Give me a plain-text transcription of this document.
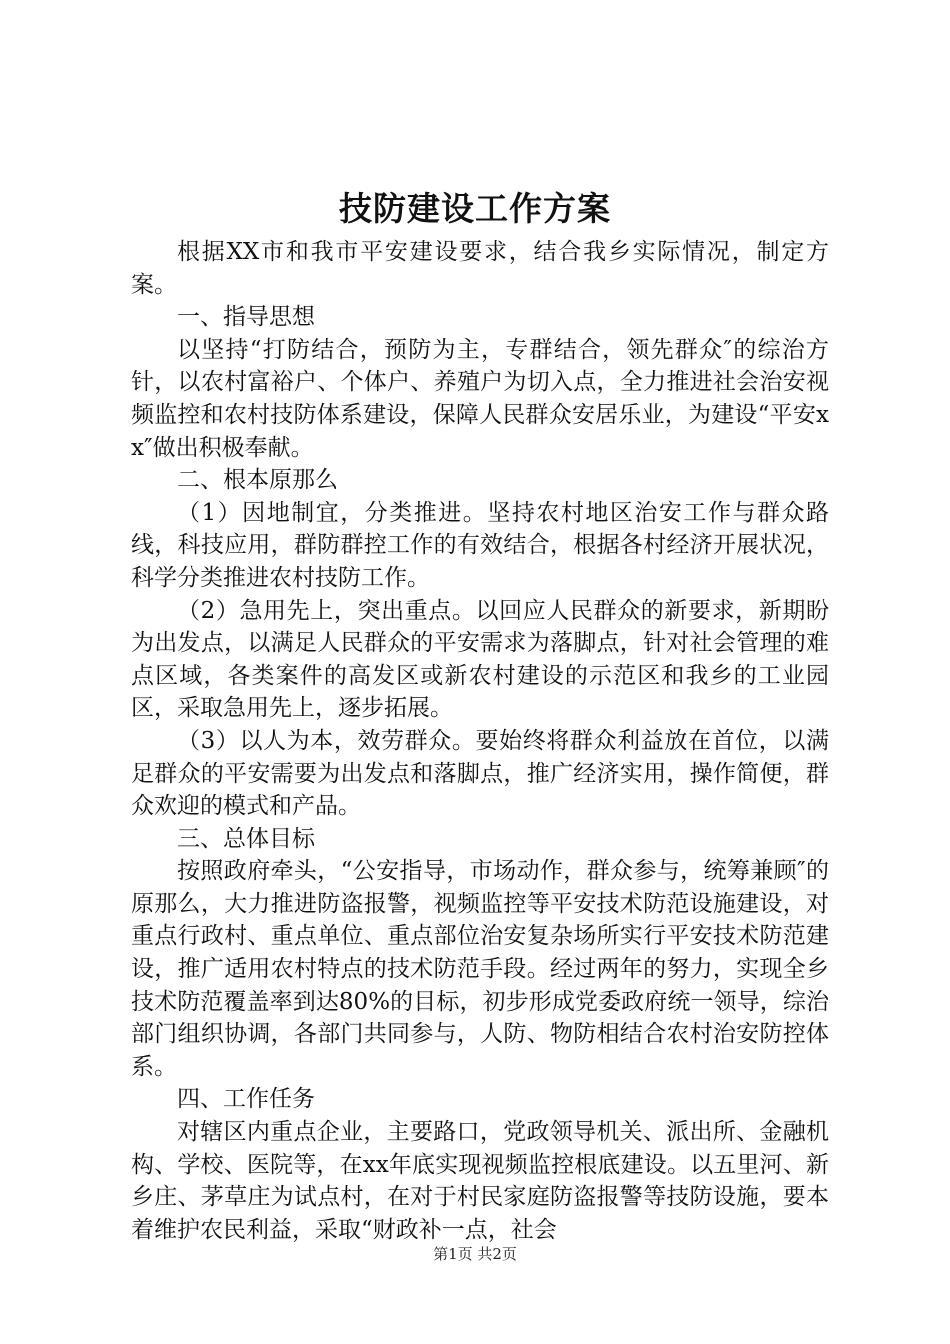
技防建设工作方案

根据XX市和我市平安建设要求，结合我乡实际情况，制定方案。

一、指导思想

以坚持“打防结合，预防为主，专群结合，领先群众″的综治方针，以农村富裕户、个体户、养殖户为切入点，全力推进社会治安视频监控和农村技防体系建设，保障人民群众安居乐业，为建设“平安xx″做出积极奉献。

二、根本原那么

（1）因地制宜，分类推进。坚持农村地区治安工作与群众路线，科技应用，群防群控工作的有效结合，根据各村经济开展状况，科学分类推进农村技防工作。

（2）急用先上，突出重点。以回应人民群众的新要求，新期盼为出发点，以满足人民群众的平安需求为落脚点，针对社会管理的难点区域，各类案件的高发区或新农村建设的示范区和我乡的工业园区，采取急用先上，逐步拓展。

（3）以人为本，效劳群众。要始终将群众利益放在首位，以满足群众的平安需要为出发点和落脚点，推广经济实用，操作简便，群众欢迎的模式和产品。

三、总体目标

按照政府牵头，“公安指导，市场动作，群众参与，统筹兼顾″的原那么，大力推进防盗报警，视频监控等平安技术防范设施建设，对重点行政村、重点单位、重点部位治安复杂场所实行平安技术防范建设，推广适用农村特点的技术防范手段。经过两年的努力，实现全乡技术防范覆盖率到达80%的目标，初步形成党委政府统一领导，综治部门组织协调，各部门共同参与，人防、物防相结合农村治安防控体系。

四、工作任务

对辖区内重点企业，主要路口，党政领导机关、派出所、金融机构、学校、医院等，在xx年底实现视频监控根底建设。以五里河、新乡庄、茅草庄为试点村，在对于村民家庭防盗报警等技防设施，要本着维护农民利益，采取“财政补一点，社会

第1页 共2页
